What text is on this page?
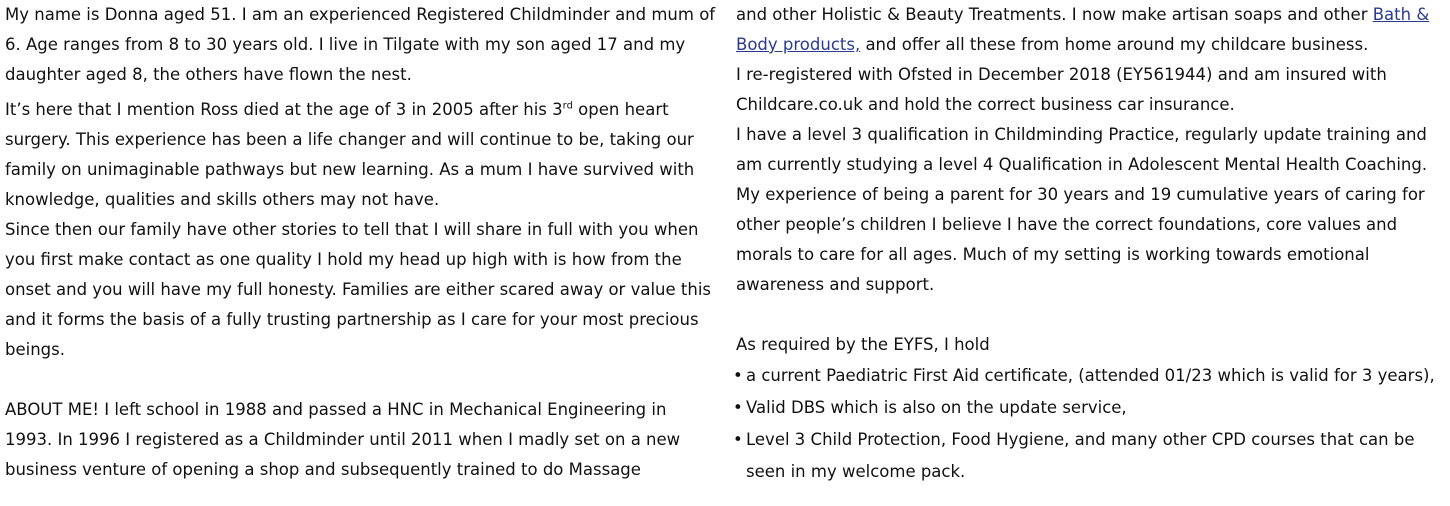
My name is Donna aged 51. I am an experienced Registered Childminder and mum of 6. Age ranges from 8 to 30 years old. I live in Tilgate with my son aged 17 and my daughter aged 8, the others have flown the nest.

It’s here that I mention Ross died at the age of 3 in 2005 after his 3rd open heart surgery. This experience has been a life changer and will continue to be, taking our family on unimaginable pathways but new learning. As a mum I have survived with knowledge, qualities and skills others may not have.

Since then our family have other stories to tell that I will share in full with you when you first make contact as one quality I hold my head up high with is how from the onset and you will have my full honesty. Families are either scared away or value this and it forms the basis of a fully trusting partnership as I care for your most precious beings.

ABOUT ME! I left school in 1988 and passed a HNC in Mechanical Engineering in 1993. In 1996 I registered as a Childminder until 2011 when I madly set on a new business venture of opening a shop and subsequently trained to do Massage

and other Holistic & Beauty Treatments. I now make artisan soaps and other Bath & Body products, and offer all these from home around my childcare business.

I re-registered with Ofsted in December 2018 (EY561944) and am insured with Childcare.co.uk and hold the correct business car insurance.

I have a level 3 qualification in Childminding Practice, regularly update training and am currently studying a level 4 Qualification in Adolescent Mental Health Coaching. My experience of being a parent for 30 years and 19 cumulative years of caring for other people’s children I believe I have the correct foundations, core values and morals to care for all ages. Much of my setting is working towards emotional awareness and support.

As required by the EYFS, I hold

• a current Paediatric First Aid certificate, (attended 01/23 which is valid for 3 years),
• Valid DBS which is also on the update service,
• Level 3 Child Protection, Food Hygiene, and many other CPD courses that can be seen in my welcome pack.
